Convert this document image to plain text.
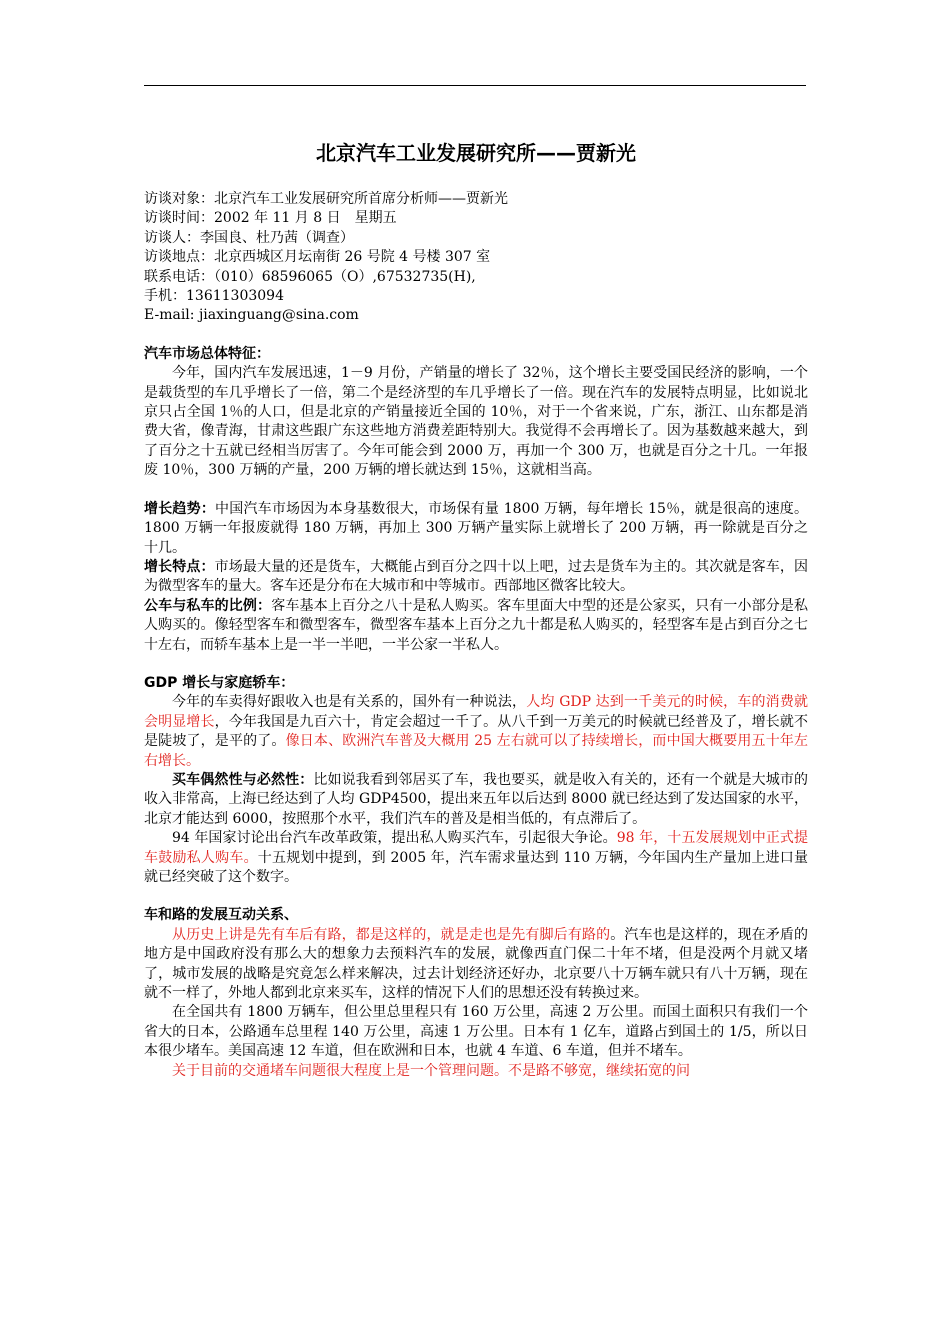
北京汽车工业发展研究所——贾新光
访谈对象：北京汽车工业发展研究所首席分析师——贾新光
访谈时间：2002 年 11 月 8 日　星期五
访谈人：李国良、杜乃茜（调查）
访谈地点：北京西城区月坛南街 26 号院 4 号楼 307 室
联系电话：（010）68596065（O）,67532735(H),
手机：13611303094
E-mail: jiaxinguang@sina.com
汽车市场总体特征：

今年，国内汽车发展迅速，1－9 月份，产销量的增长了 32％，这个增长主要受国民经济的影响，一个是载货型的车几乎增长了一倍，第二个是经济型的车几乎增长了一倍。现在汽车的发展特点明显，比如说北京只占全国 1％的人口，但是北京的产销量接近全国的 10％，对于一个省来说，广东，浙江、山东都是消费大省，像青海，甘肃这些跟广东这些地方消费差距特别大。我觉得不会再增长了。因为基数越来越大，到了百分之十五就已经相当厉害了。今年可能会到 2000 万，再加一个 300 万，也就是百分之十几。一年报废 10％，300 万辆的产量，200 万辆的增长就达到 15％，这就相当高。

增长趋势：中国汽车市场因为本身基数很大，市场保有量 1800 万辆，每年增长 15％，就是很高的速度。1800 万辆一年报废就得 180 万辆，再加上 300 万辆产量实际上就增长了 200 万辆，再一除就是百分之十几。

增长特点：市场最大量的还是货车，大概能占到百分之四十以上吧，过去是货车为主的。其次就是客车，因为微型客车的量大。客车还是分布在大城市和中等城市。西部地区微客比较大。

公车与私车的比例：客车基本上百分之八十是私人购买。客车里面大中型的还是公家买，只有一小部分是私人购买的。像轻型客车和微型客车，微型客车基本上百分之九十都是私人购买的，轻型客车是占到百分之七十左右，而轿车基本上是一半一半吧，一半公家一半私人。

GDP 增长与家庭轿车：

今年的车卖得好跟收入也是有关系的，国外有一种说法，人均 GDP 达到一千美元的时候，车的消费就会明显增长，今年我国是九百六十，肯定会超过一千了。从八千到一万美元的时候就已经普及了，增长就不是陡坡了，是平的了。像日本、欧洲汽车普及大概用 25 左右就可以了持续增长，而中国大概要用五十年左右增长。

买车偶然性与必然性：比如说我看到邻居买了车，我也要买，就是收入有关的，还有一个就是大城市的收入非常高，上海已经达到了人均 GDP4500，提出来五年以后达到 8000 就已经达到了发达国家的水平，北京才能达到 6000，按照那个水平，我们汽车的普及是相当低的，有点滞后了。

94 年国家讨论出台汽车改革政策，提出私人购买汽车，引起很大争论。98 年，十五发展规划中正式提车鼓励私人购车。十五规划中提到，到 2005 年，汽车需求量达到 110 万辆，今年国内生产量加上进口量就已经突破了这个数字。

车和路的发展互动关系、

从历史上讲是先有车后有路，都是这样的，就是走也是先有脚后有路的。汽车也是这样的，现在矛盾的地方是中国政府没有那么大的想象力去预料汽车的发展，就像西直门保二十年不堵，但是没两个月就又堵了，城市发展的战略是究竟怎么样来解决，过去计划经济还好办，北京要八十万辆车就只有八十万辆，现在就不一样了，外地人都到北京来买车，这样的情况下人们的思想还没有转换过来。

在全国共有 1800 万辆车，但公里总里程只有 160 万公里，高速 2 万公里。而国土面积只有我们一个省大的日本，公路通车总里程 140 万公里，高速 1 万公里。日本有 1 亿车，道路占到国土的 1/5，所以日本很少堵车。美国高速 12 车道，但在欧洲和日本，也就 4 车道、6 车道，但并不堵车。

关于目前的交通堵车问题很大程度上是一个管理问题。不是路不够宽，继续拓宽的问
